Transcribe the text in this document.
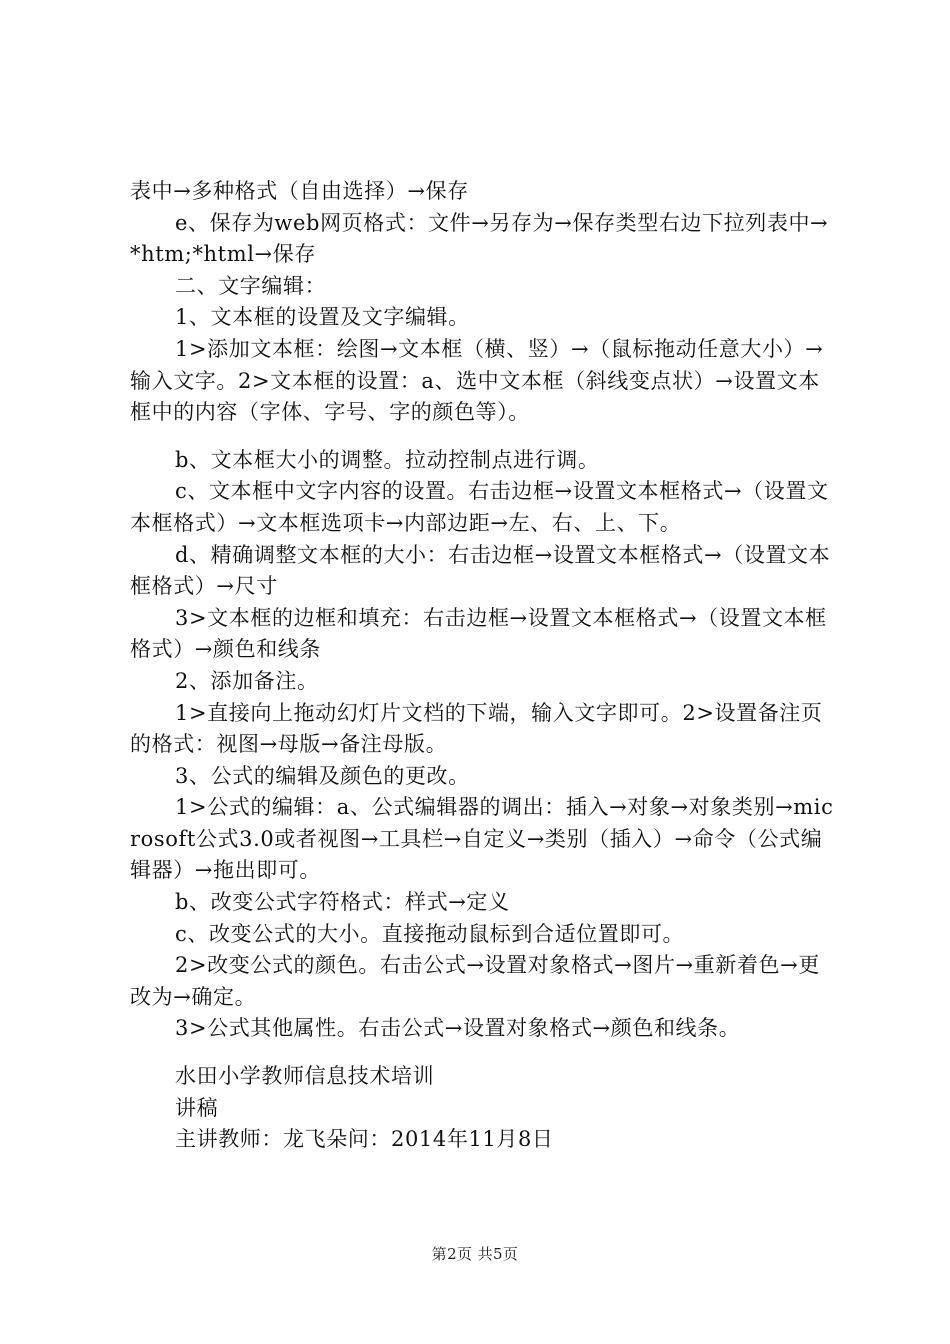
表中→多种格式（自由选择）→保存

e、保存为web网页格式：文件→另存为→保存类型右边下拉列表中→*htm;*html→保存

二、文字编辑：

1、文本框的设置及文字编辑。

1>添加文本框：绘图→文本框（横、竖）→（鼠标拖动任意大小）→输入文字。2>文本框的设置：a、选中文本框（斜线变点状）→设置文本框中的内容（字体、字号、字的颜色等）。

b、文本框大小的调整。拉动控制点进行调。

c、文本框中文字内容的设置。右击边框→设置文本框格式→（设置文本框格式）→文本框选项卡→内部边距→左、右、上、下。

d、精确调整文本框的大小：右击边框→设置文本框格式→（设置文本框格式）→尺寸

3>文本框的边框和填充：右击边框→设置文本框格式→（设置文本框格式）→颜色和线条

2、添加备注。

1>直接向上拖动幻灯片文档的下端，输入文字即可。2>设置备注页的格式：视图→母版→备注母版。

3、公式的编辑及颜色的更改。

1>公式的编辑：a、公式编辑器的调出：插入→对象→对象类别→microsoft公式3.0或者视图→工具栏→自定义→类别（插入）→命令（公式编辑器）→拖出即可。

b、改变公式字符格式：样式→定义

c、改变公式的大小。直接拖动鼠标到合适位置即可。

2>改变公式的颜色。右击公式→设置对象格式→图片→重新着色→更改为→确定。

3>公式其他属性。右击公式→设置对象格式→颜色和线条。

水田小学教师信息技术培训

讲稿

主讲教师：龙飞朵问：2014年11月8日

第2页 共5页
